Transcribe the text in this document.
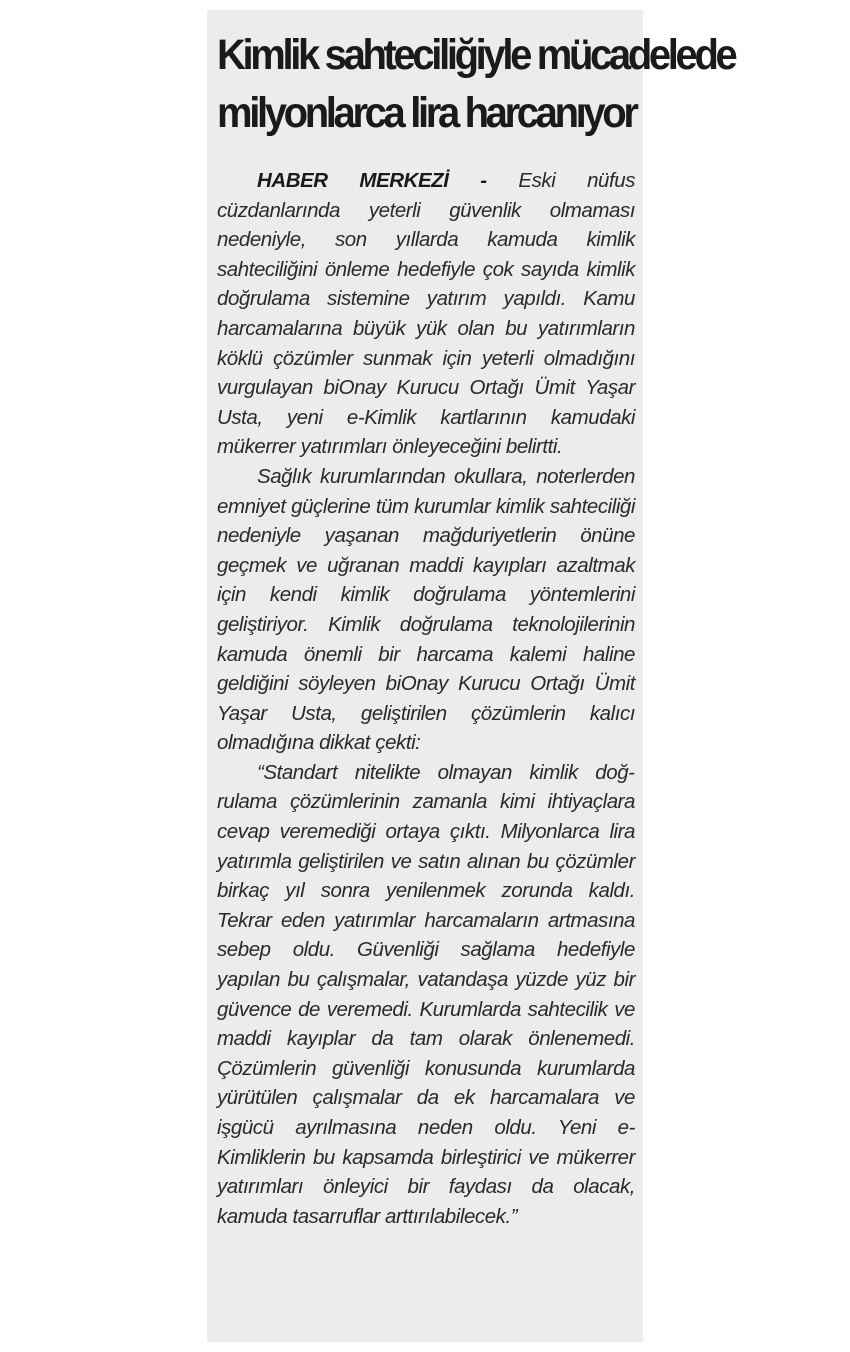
Kimlik sahteciliğiyle mücadelede
milyonlarca lira harcanıyor

HABER MERKEZİ - Eski nüfus cüzdanlarında yeterli güvenlik olmaması nedeniyle, son yıllarda kamuda kimlik sahteciliğini önleme hedefiyle çok sayıda kimlik doğrulama sistemine yatırım yapıldı. Kamu harcamalarına büyük yük olan bu yatırımların köklü çözümler sunmak için yeterli olmadığını vurgulayan biOnay Kurucu Ortağı Ümit Yaşar Usta, yeni e-Kimlik kartlarının kamudaki mükerrer yatırımları önleyeceğini belirtti.

Sağlık kurumlarından okullara, noterlerden emniyet güçlerine tüm kurumlar kimlik sahteciliği nedeniyle yaşanan mağduriyetlerin önüne geçmek ve uğranan maddi kayıpları azaltmak için kendi kimlik doğrulama yöntemlerini geliştiriyor. Kimlik doğrulama teknolojilerinin kamuda önemli bir harcama kalemi haline geldiğini söyleyen biOnay Kurucu Ortağı Ümit Yaşar Usta, geliştirilen çözümlerin kalıcı olmadığına dikkat çekti:

“Standart nitelikte olmayan kimlik doğrulama çözümlerinin zamanla kimi ihtiyaçlara cevap veremediği ortaya çıktı. Milyonlarca lira yatırımla geliştirilen ve satın alınan bu çözümler birkaç yıl sonra yenilenmek zorunda kaldı. Tekrar eden yatırımlar harcamaların artmasına sebep oldu. Güvenliği sağlama hedefiyle yapılan bu çalışmalar, vatandaşa yüzde yüz bir güvence de veremedi. Kurumlarda sahtecilik ve maddi kayıplar da tam olarak önlenemedi. Çözümlerin güvenliği konusunda kurumlarda yürütülen çalışmalar da ek harcamalara ve işgücü ayrılmasına neden oldu. Yeni e-Kimliklerin bu kapsamda birleştirici ve mükerrer yatırımları önleyici bir faydası da olacak, kamuda tasarruflar arttırılabilecek.”
